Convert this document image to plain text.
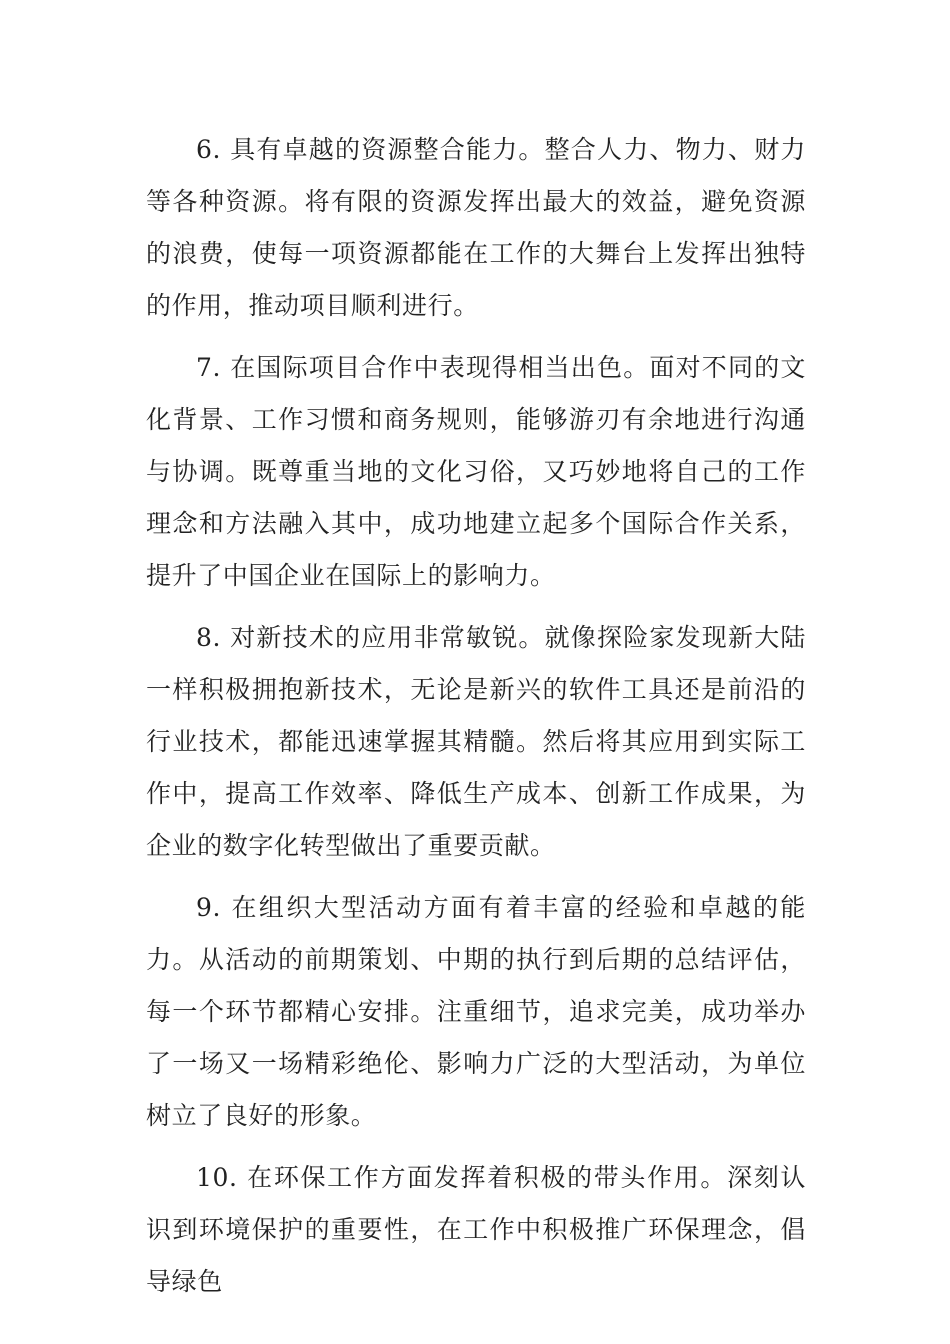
6. 具有卓越的资源整合能力。整合人力、物力、财力等各种资源。将有限的资源发挥出最大的效益，避免资源的浪费，使每一项资源都能在工作的大舞台上发挥出独特的作用，推动项目顺利进行。

7. 在国际项目合作中表现得相当出色。面对不同的文化背景、工作习惯和商务规则，能够游刃有余地进行沟通与协调。既尊重当地的文化习俗，又巧妙地将自己的工作理念和方法融入其中，成功地建立起多个国际合作关系，提升了中国企业在国际上的影响力。

8. 对新技术的应用非常敏锐。就像探险家发现新大陆一样积极拥抱新技术，无论是新兴的软件工具还是前沿的行业技术，都能迅速掌握其精髓。然后将其应用到实际工作中，提高工作效率、降低生产成本、创新工作成果，为企业的数字化转型做出了重要贡献。

9. 在组织大型活动方面有着丰富的经验和卓越的能力。从活动的前期策划、中期的执行到后期的总结评估，每一个环节都精心安排。注重细节，追求完美，成功举办了一场又一场精彩绝伦、影响力广泛的大型活动，为单位树立了良好的形象。

10. 在环保工作方面发挥着积极的带头作用。深刻认识到环境保护的重要性，在工作中积极推广环保理念，倡导绿色
